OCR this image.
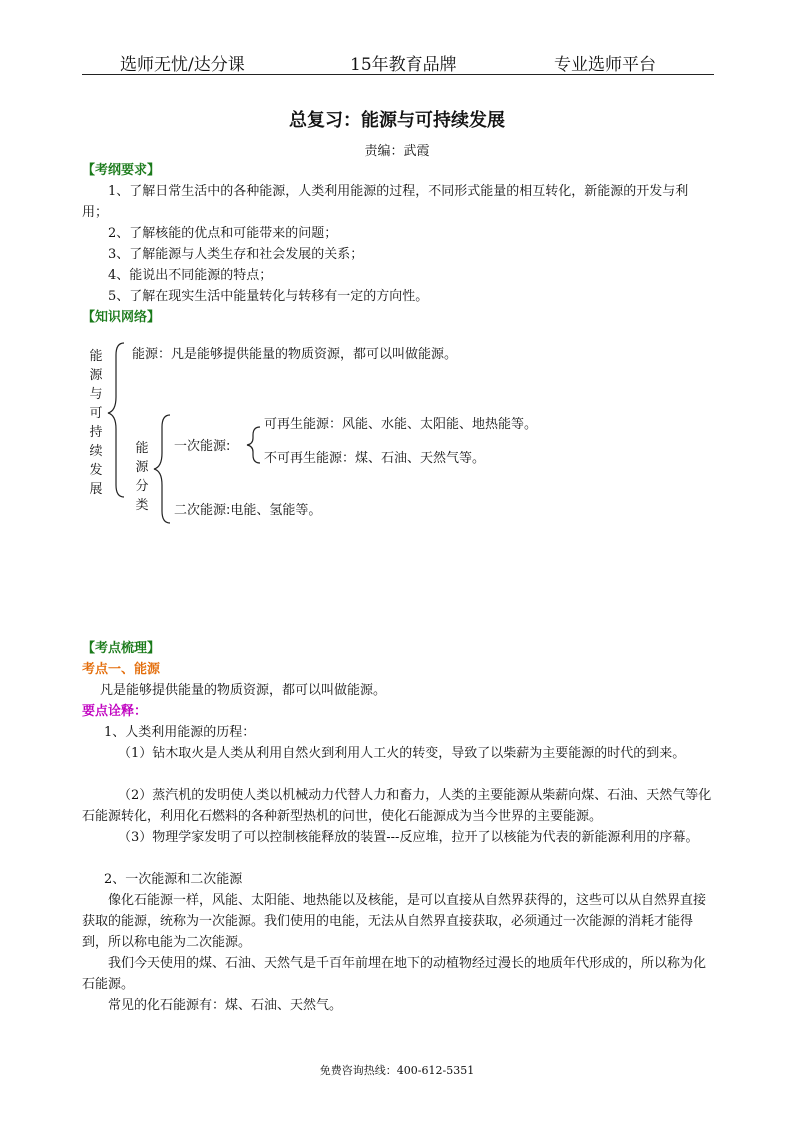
选师无忧/达分课	15年教育品牌	专业选师平台
总复习：能源与可持续发展
责编：武霞

【考纲要求】

1、了解日常生活中的各种能源，人类利用能源的过程，不同形式能量的相互转化，新能源的开发与利用；

2、了解核能的优点和可能带来的问题；

3、了解能源与人类生存和社会发展的关系；

4、能说出不同能源的特点；

5、了解在现实生活中能量转化与转移有一定的方向性。

【知识网络】

能
源
与
可
持
续
发
展
能源：凡是能够提供能量的物质资源，都可以叫做能源。
能
源
分
类
一次能源:
可再生能源：风能、水能、太阳能、地热能等。
不可再生能源：煤、石油、天然气等。
二次能源:电能、氢能等。

【考点梳理】

考点一、能源

凡是能够提供能量的物质资源，都可以叫做能源。

要点诠释：

1、人类利用能源的历程：

（1）钻木取火是人类从利用自然火到利用人工火的转变，导致了以柴薪为主要能源的时代的到来。

（2）蒸汽机的发明使人类以机械动力代替人力和畜力，人类的主要能源从柴薪向煤、石油、天然气等化石能源转化，利用化石燃料的各种新型热机的问世，使化石能源成为当今世界的主要能源。

（3）物理学家发明了可以控制核能释放的装置---反应堆，拉开了以核能为代表的新能源利用的序幕。

2、一次能源和二次能源

像化石能源一样，风能、太阳能、地热能以及核能，是可以直接从自然界获得的，这些可以从自然界直接获取的能源，统称为一次能源。我们使用的电能，无法从自然界直接获取，必须通过一次能源的消耗才能得到，所以称电能为二次能源。

我们今天使用的煤、石油、天然气是千百年前埋在地下的动植物经过漫长的地质年代形成的，所以称为化石能源。

常见的化石能源有：煤、石油、天然气。

免费咨询热线：400-612-5351
